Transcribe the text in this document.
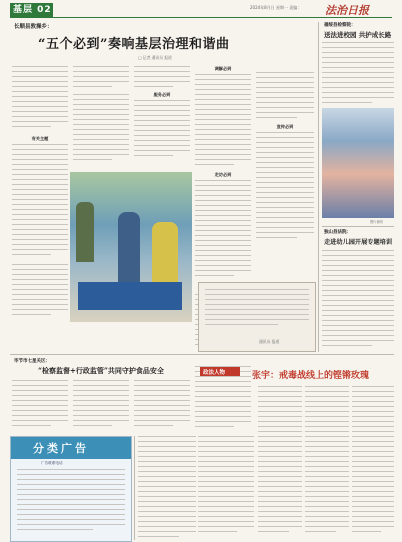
基层 02	2024年8月日 星期一 责编：	法治日报
长顺县敦操乡：
“五个必到”奏响基层治理和谐曲
□ 记者 通讯员 报道
有关主题
服务必到
调解必到
走访必到
宣传必到
通讯员 报道
福绥县检察院：
送法进校园 共护成长路
图片说明
独山县法院：
走进幼儿园开展专题培训
毕节市七星关区：
“检察监督+行政监管”共同守护食品安全
分类广告
广告联系电话
政法人物	张宇：戒毒战线上的铿锵玫瑰
